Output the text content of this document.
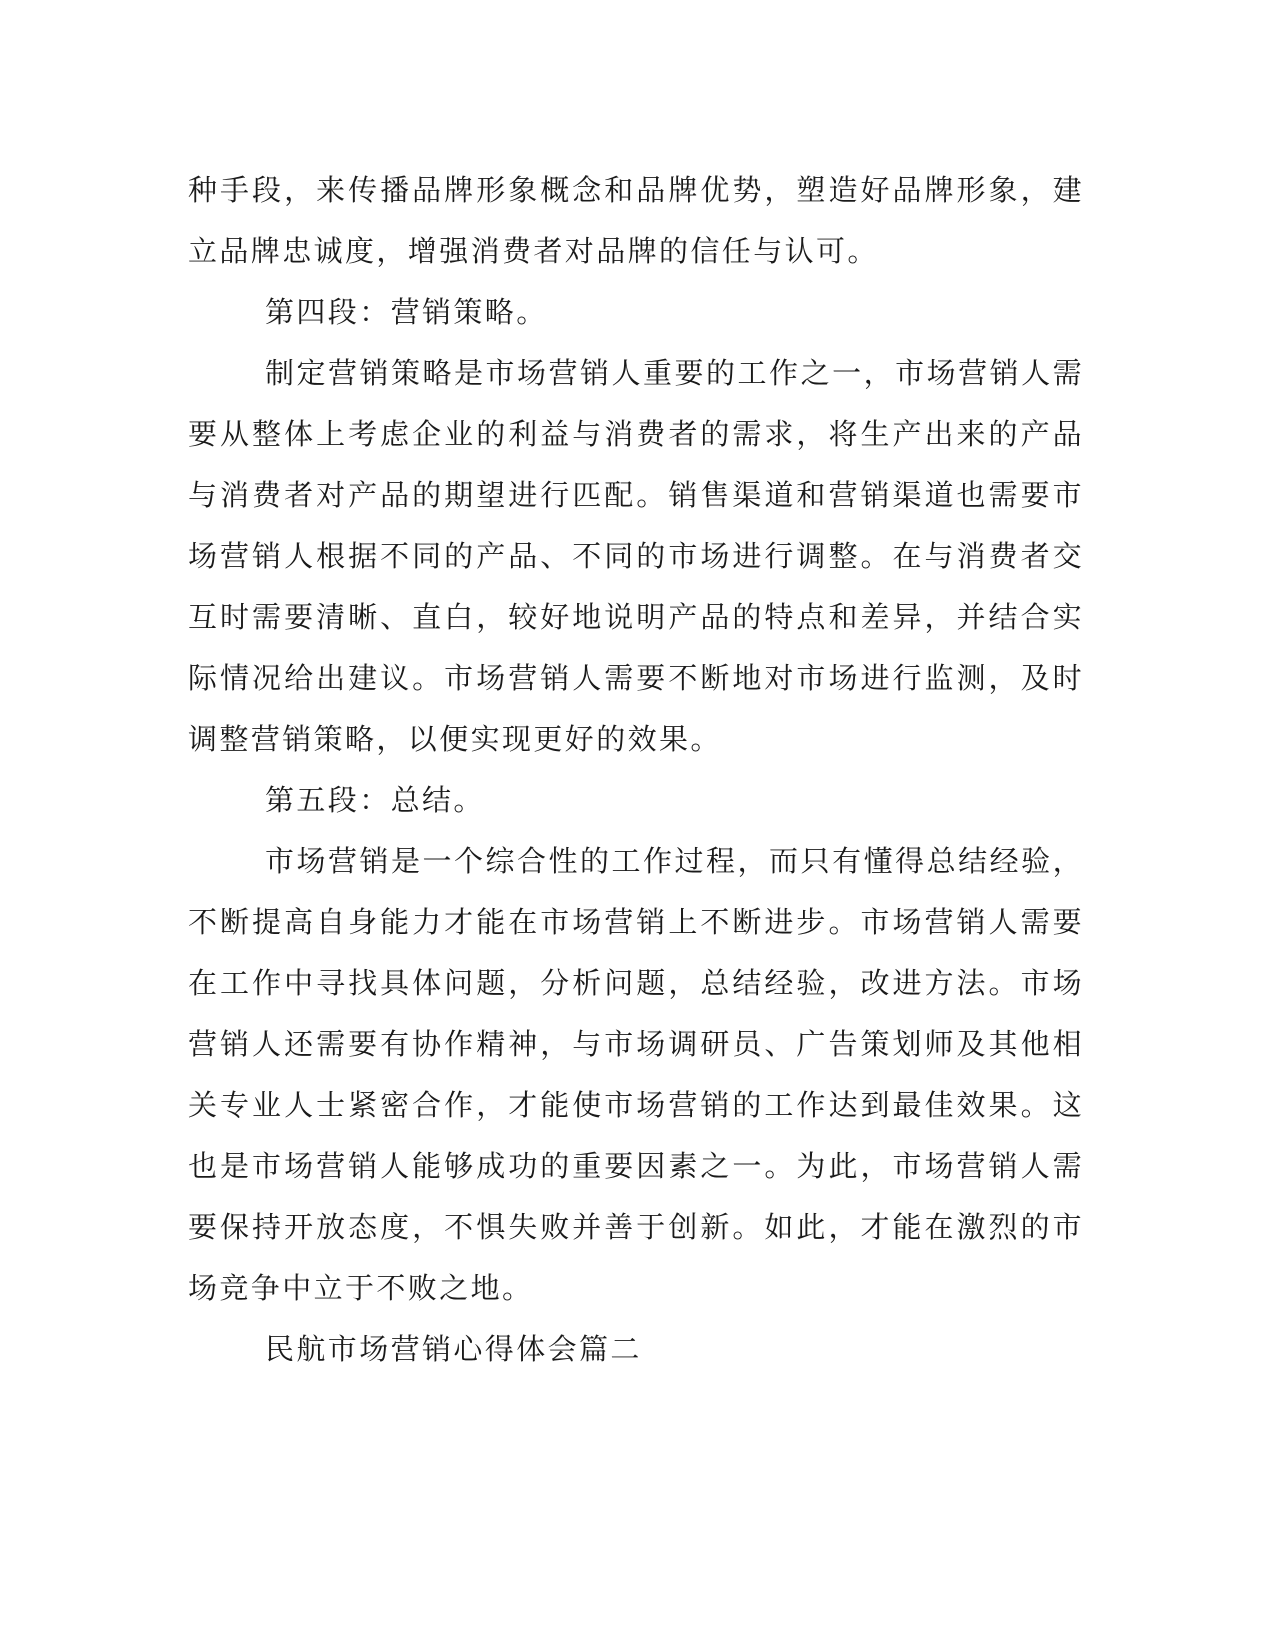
种手段，来传播品牌形象概念和品牌优势，塑造好品牌形象，建立品牌忠诚度，增强消费者对品牌的信任与认可。

第四段：营销策略。

制定营销策略是市场营销人重要的工作之一，市场营销人需要从整体上考虑企业的利益与消费者的需求，将生产出来的产品与消费者对产品的期望进行匹配。销售渠道和营销渠道也需要市场营销人根据不同的产品、不同的市场进行调整。在与消费者交互时需要清晰、直白，较好地说明产品的特点和差异，并结合实际情况给出建议。市场营销人需要不断地对市场进行监测，及时调整营销策略，以便实现更好的效果。

第五段：总结。

市场营销是一个综合性的工作过程，而只有懂得总结经验，不断提高自身能力才能在市场营销上不断进步。市场营销人需要在工作中寻找具体问题，分析问题，总结经验，改进方法。市场营销人还需要有协作精神，与市场调研员、广告策划师及其他相关专业人士紧密合作，才能使市场营销的工作达到最佳效果。这也是市场营销人能够成功的重要因素之一。为此，市场营销人需要保持开放态度，不惧失败并善于创新。如此，才能在激烈的市场竞争中立于不败之地。

民航市场营销心得体会篇二
